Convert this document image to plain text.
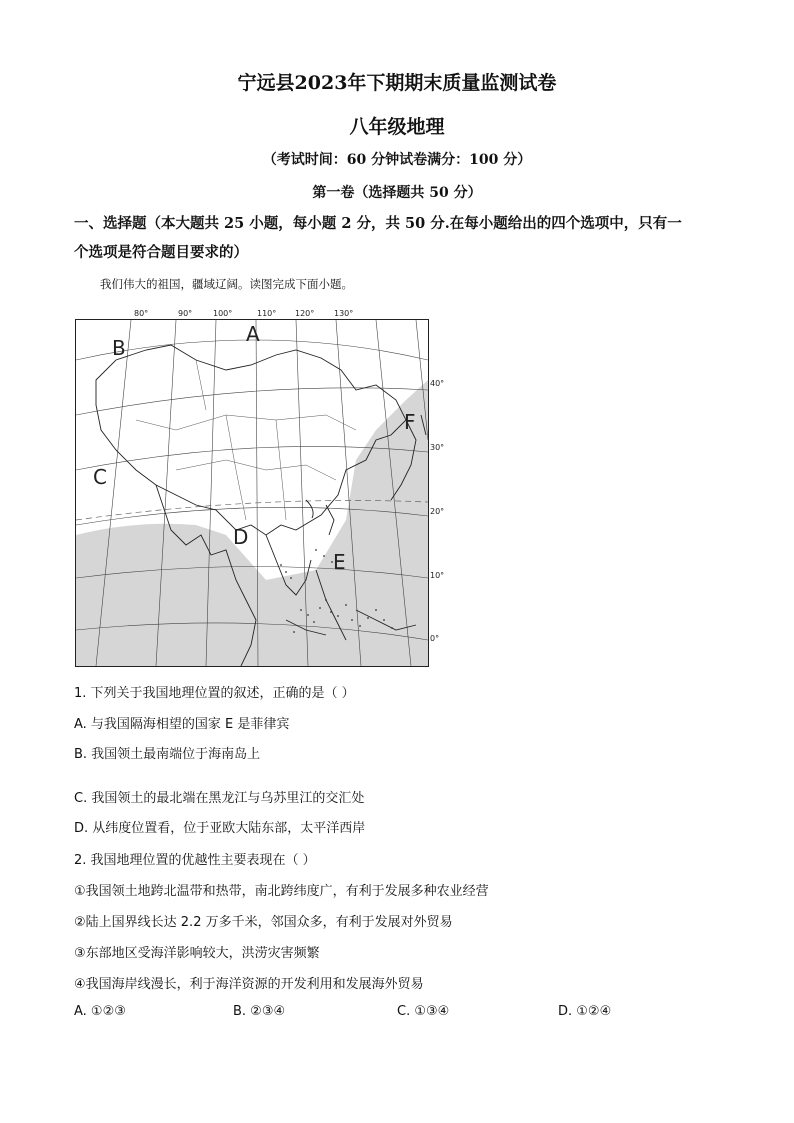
宁远县2023年下期期末质量监测试卷
八年级地理
（考试时间：60 分钟试卷满分：100 分）
第一卷（选择题共 50 分）
一、选择题（本大题共 25 小题，每小题 2 分，共 50 分.在每小题给出的四个选项中，只有一
个选项是符合题目要求的）
我们伟大的祖国，疆域辽阔。读图完成下面小题。
80°	90°	100°	110° 120° 130°
A
B
C
D
E
F
40°
30°
20°
10°
0°
1. 下列关于我国地理位置的叙述，正确的是（ ）
A. 与我国隔海相望的国家 E 是菲律宾
B. 我国领土最南端位于海南岛上
C. 我国领土的最北端在黑龙江与乌苏里江的交汇处
D. 从纬度位置看，位于亚欧大陆东部，太平洋西岸
2. 我国地理位置的优越性主要表现在（ ）
①我国领土地跨北温带和热带，南北跨纬度广，有利于发展多种农业经营
②陆上国界线长达 2.2 万多千米，邻国众多，有利于发展对外贸易
③东部地区受海洋影响较大，洪涝灾害频繁
④我国海岸线漫长，利于海洋资源的开发利用和发展海外贸易
A. ①②③	B. ②③④	C. ①③④	D. ①②④
